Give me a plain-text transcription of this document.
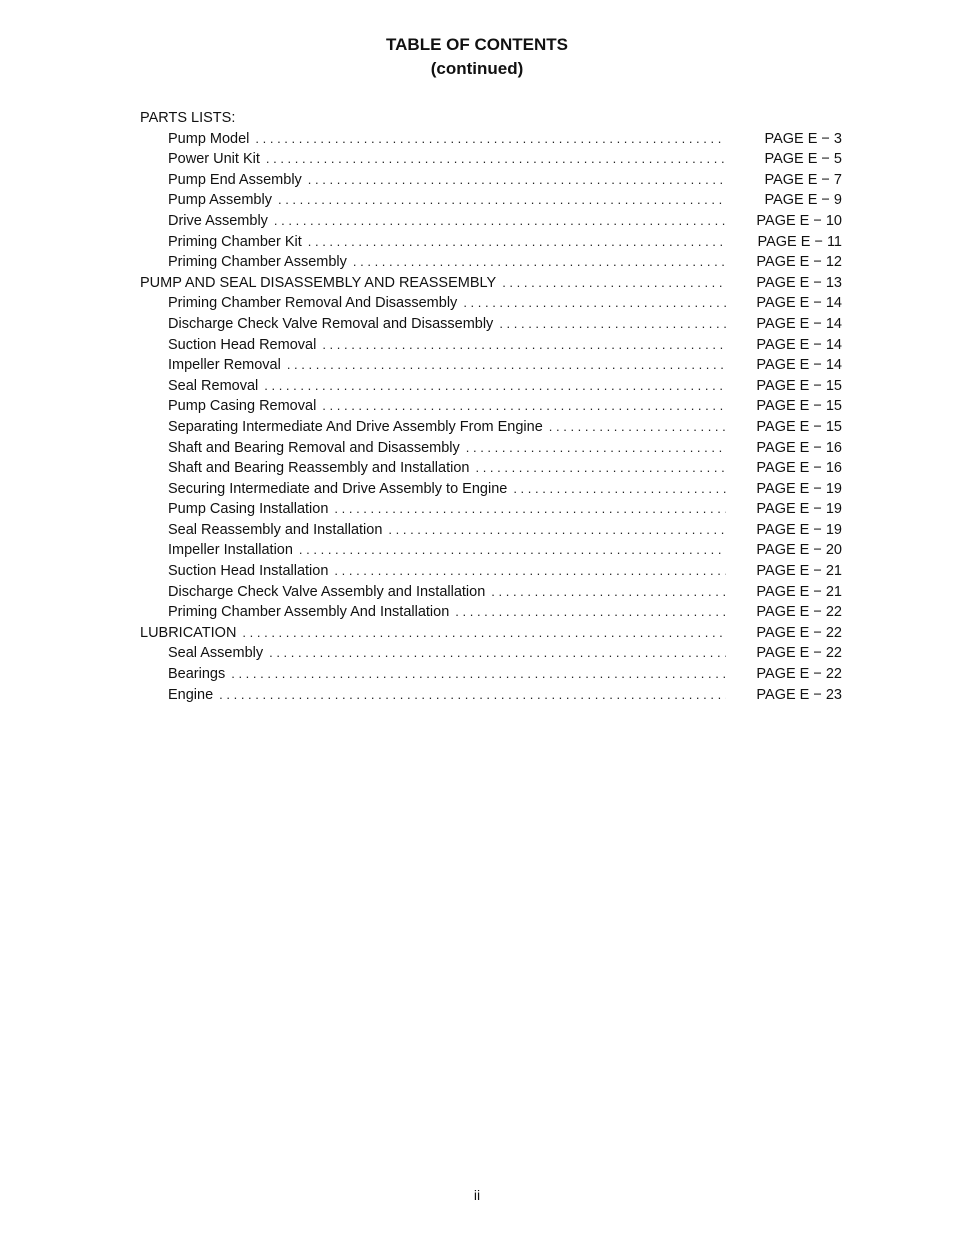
TABLE OF CONTENTS
(continued)
PARTS LISTS:
Pump Model . . .	PAGE E − 3
Power Unit Kit . . .	PAGE E − 5
Pump End Assembly . . .	PAGE E − 7
Pump Assembly . . .	PAGE E − 9
Drive Assembly . . .	PAGE E − 10
Priming Chamber Kit . . .	PAGE E − 11
Priming Chamber Assembly . . .	PAGE E − 12
PUMP AND SEAL DISASSEMBLY AND REASSEMBLY . . .	PAGE E − 13
Priming Chamber Removal And Disassembly . . .	PAGE E − 14
Discharge Check Valve Removal and Disassembly . . .	PAGE E − 14
Suction Head Removal . . .	PAGE E − 14
Impeller Removal . . .	PAGE E − 14
Seal Removal . . .	PAGE E − 15
Pump Casing Removal . . .	PAGE E − 15
Separating Intermediate And Drive Assembly From Engine . . .	PAGE E − 15
Shaft and Bearing Removal and Disassembly . . .	PAGE E − 16
Shaft and Bearing Reassembly and Installation . . .	PAGE E − 16
Securing Intermediate and Drive Assembly to Engine . . .	PAGE E − 19
Pump Casing Installation . . .	PAGE E − 19
Seal Reassembly and Installation . . .	PAGE E − 19
Impeller Installation . . .	PAGE E − 20
Suction Head Installation . . .	PAGE E − 21
Discharge Check Valve Assembly and Installation . . .	PAGE E − 21
Priming Chamber Assembly And Installation . . .	PAGE E − 22
LUBRICATION . . .	PAGE E − 22
Seal Assembly . . .	PAGE E − 22
Bearings . . .	PAGE E − 22
Engine . . .	PAGE E − 23
ii
